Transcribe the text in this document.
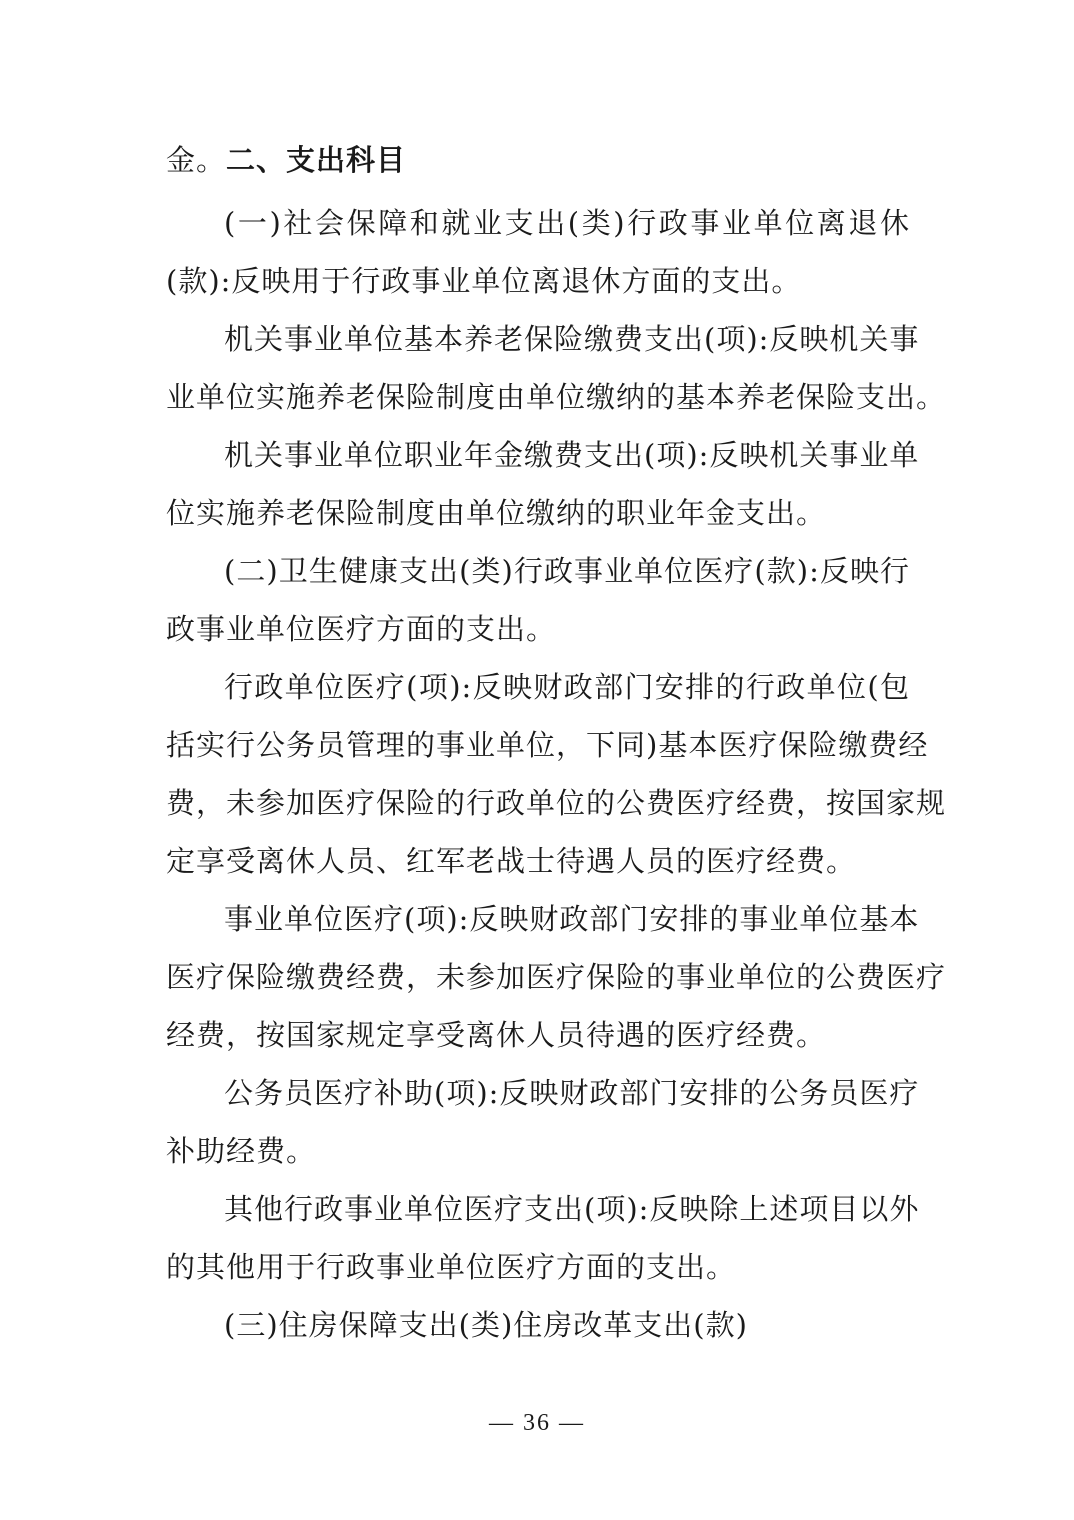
金。二、支出科目
(一)社会保障和就业支出(类)行政事业单位离退休
(款):反映用于行政事业单位离退休方面的支出。
机关事业单位基本养老保险缴费支出(项):反映机关事
业单位实施养老保险制度由单位缴纳的基本养老保险支出。
机关事业单位职业年金缴费支出(项):反映机关事业单
位实施养老保险制度由单位缴纳的职业年金支出。
(二)卫生健康支出(类)行政事业单位医疗(款):反映行
政事业单位医疗方面的支出。
行政单位医疗(项):反映财政部门安排的行政单位(包
括实行公务员管理的事业单位，下同)基本医疗保险缴费经
费，未参加医疗保险的行政单位的公费医疗经费，按国家规
定享受离休人员、红军老战士待遇人员的医疗经费。
事业单位医疗(项):反映财政部门安排的事业单位基本
医疗保险缴费经费，未参加医疗保险的事业单位的公费医疗
经费，按国家规定享受离休人员待遇的医疗经费。
公务员医疗补助(项):反映财政部门安排的公务员医疗
补助经费。
其他行政事业单位医疗支出(项):反映除上述项目以外
的其他用于行政事业单位医疗方面的支出。
(三)住房保障支出(类)住房改革支出(款)
— 36 —
